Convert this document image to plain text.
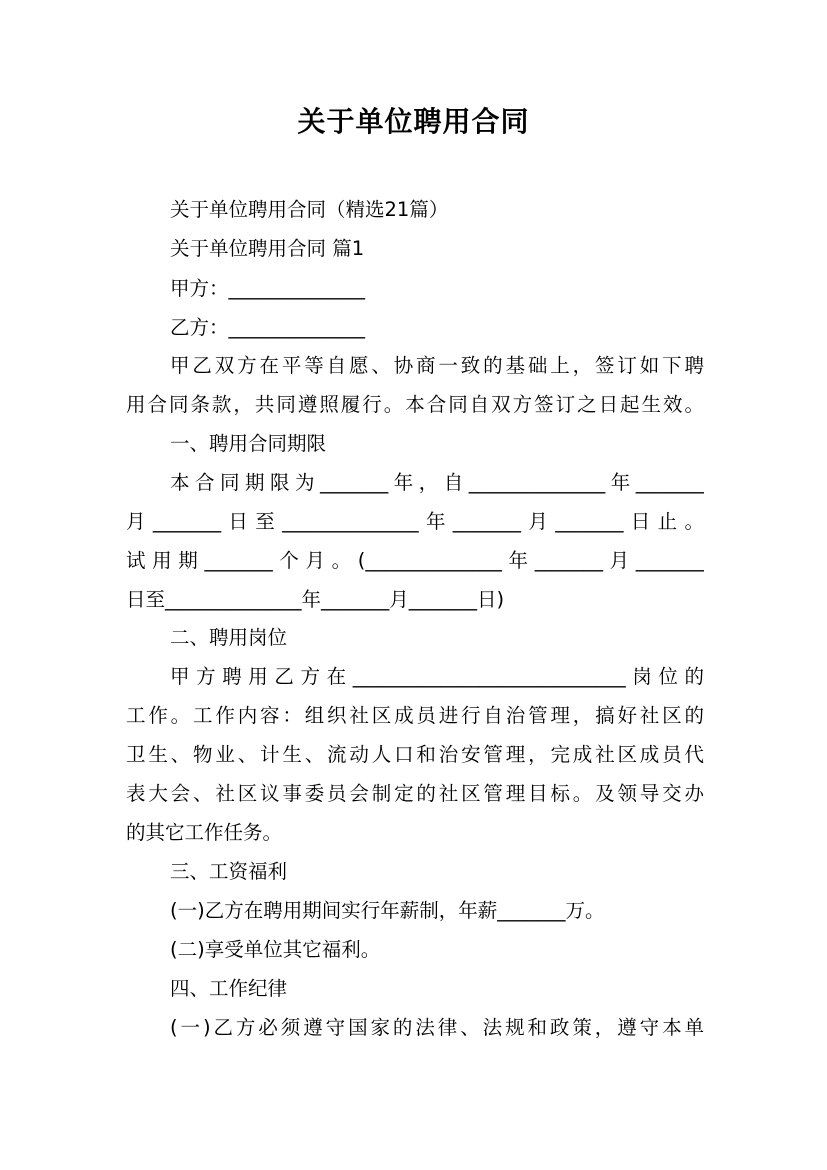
关于单位聘用合同
关于单位聘用合同（精选21篇）
关于单位聘用合同 篇1
甲方：______________
乙方：______________
甲乙双方在平等自愿、协商一致的基础上，签订如下聘
用合同条款，共同遵照履行。本合同自双方签订之日起生效。
一、聘用合同期限
本合同期限为_______年，自______________年_______
月_______日至______________年_______月_______日止。
试用期_______个月。(______________年_______月_______
日至______________年_______月_______日)
二、聘用岗位
甲方聘用乙方在____________________________岗位的
工作。工作内容：组织社区成员进行自治管理，搞好社区的
卫生、物业、计生、流动人口和治安管理，完成社区成员代
表大会、社区议事委员会制定的社区管理目标。及领导交办
的其它工作任务。
三、工资福利
(一)乙方在聘用期间实行年薪制，年薪_______万。
(二)享受单位其它福利。
四、工作纪律
(一)乙方必须遵守国家的法律、法规和政策，遵守本单
